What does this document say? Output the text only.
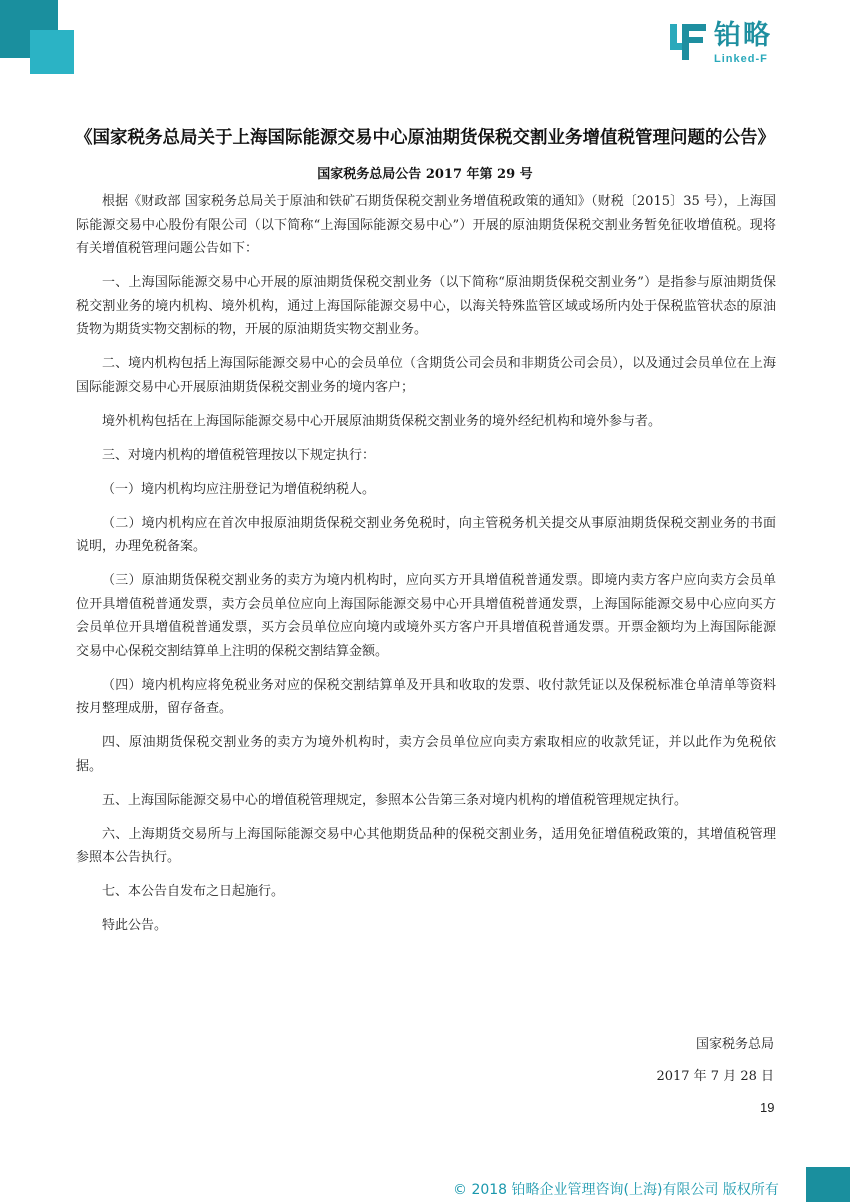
铂略
Linked-F
《国家税务总局关于上海国际能源交易中心原油期货保税交割业务增值税管理问题的公告》
国家税务总局公告 2017 年第 29 号

根据《财政部 国家税务总局关于原油和铁矿石期货保税交割业务增值税政策的通知》（财税〔2015〕35 号），上海国际能源交易中心股份有限公司（以下简称“上海国际能源交易中心”）开展的原油期货保税交割业务暂免征收增值税。现将有关增值税管理问题公告如下：

一、上海国际能源交易中心开展的原油期货保税交割业务（以下简称“原油期货保税交割业务”）是指参与原油期货保税交割业务的境内机构、境外机构，通过上海国际能源交易中心，以海关特殊监管区域或场所内处于保税监管状态的原油货物为期货实物交割标的物，开展的原油期货实物交割业务。

二、境内机构包括上海国际能源交易中心的会员单位（含期货公司会员和非期货公司会员），以及通过会员单位在上海国际能源交易中心开展原油期货保税交割业务的境内客户；

境外机构包括在上海国际能源交易中心开展原油期货保税交割业务的境外经纪机构和境外参与者。

三、对境内机构的增值税管理按以下规定执行：

（一）境内机构均应注册登记为增值税纳税人。

（二）境内机构应在首次申报原油期货保税交割业务免税时，向主管税务机关提交从事原油期货保税交割业务的书面说明，办理免税备案。

（三）原油期货保税交割业务的卖方为境内机构时，应向买方开具增值税普通发票。即境内卖方客户应向卖方会员单位开具增值税普通发票，卖方会员单位应向上海国际能源交易中心开具增值税普通发票，上海国际能源交易中心应向买方会员单位开具增值税普通发票，买方会员单位应向境内或境外买方客户开具增值税普通发票。开票金额均为上海国际能源交易中心保税交割结算单上注明的保税交割结算金额。

（四）境内机构应将免税业务对应的保税交割结算单及开具和收取的发票、收付款凭证以及保税标准仓单清单等资料按月整理成册，留存备查。

四、原油期货保税交割业务的卖方为境外机构时，卖方会员单位应向卖方索取相应的收款凭证，并以此作为免税依据。

五、上海国际能源交易中心的增值税管理规定，参照本公告第三条对境内机构的增值税管理规定执行。

六、上海期货交易所与上海国际能源交易中心其他期货品种的保税交割业务，适用免征增值税政策的，其增值税管理参照本公告执行。

七、本公告自发布之日起施行。

特此公告。

国家税务总局
2017 年 7 月 28 日
19
© 2018 铂略企业管理咨询(上海)有限公司 版权所有
